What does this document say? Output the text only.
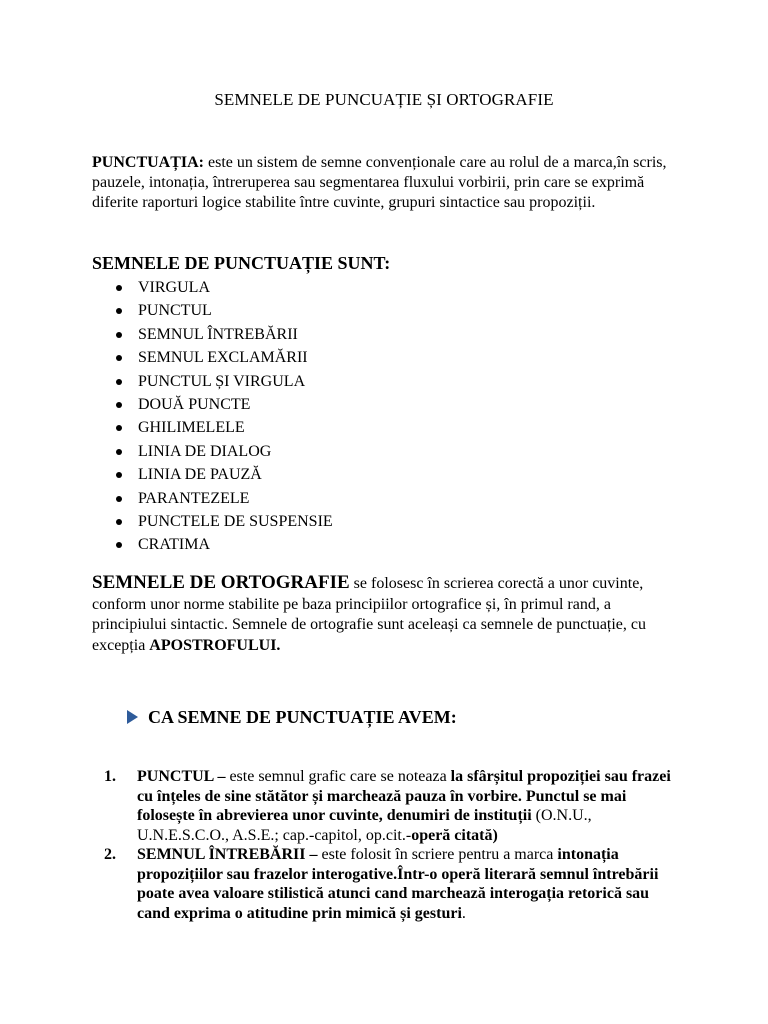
SEMNELE DE PUNCUAȚIE ȘI ORTOGRAFIE
PUNCTUAȚIA: este un sistem de semne convenționale care au rolul de a marca,în scris, pauzele, intonația, întreruperea sau segmentarea fluxului vorbirii, prin care se exprimă diferite raporturi logice stabilite între cuvinte, grupuri sintactice sau propoziții.
SEMNELE DE PUNCTUAȚIE SUNT:
VIRGULA
PUNCTUL
SEMNUL ÎNTREBĂRII
SEMNUL EXCLAMĂRII
PUNCTUL ȘI VIRGULA
DOUĂ PUNCTE
GHILIMELELE
LINIA DE DIALOG
LINIA DE PAUZĂ
PARANTEZELE
PUNCTELE DE SUSPENSIE
CRATIMA
SEMNELE DE ORTOGRAFIE se folosesc în scrierea corectă a unor cuvinte, conform unor norme stabilite pe baza principiilor ortografice și, în primul rand, a principiului sintactic. Semnele de ortografie sunt aceleași ca semnele de punctuație, cu excepția APOSTROFULUI.
CA SEMNE DE PUNCTUAȚIE AVEM:
1. PUNCTUL – este semnul grafic care se noteaza la sfârșitul propoziției sau frazei cu înțeles de sine stătător și marchează pauza în vorbire. Punctul se mai folosește în abrevierea unor cuvinte, denumiri de instituții (O.N.U., U.N.E.S.C.O., A.S.E.; cap.-capitol, op.cit.-operă citată)
2. SEMNUL ÎNTREBĂRII – este folosit în scriere pentru a marca intonația propozițiilor sau frazelor interogative.Într-o operă literară semnul întrebării poate avea valoare stilistică atunci cand marchează interogația retorică sau cand exprima o atitudine prin mimică și gesturi.
